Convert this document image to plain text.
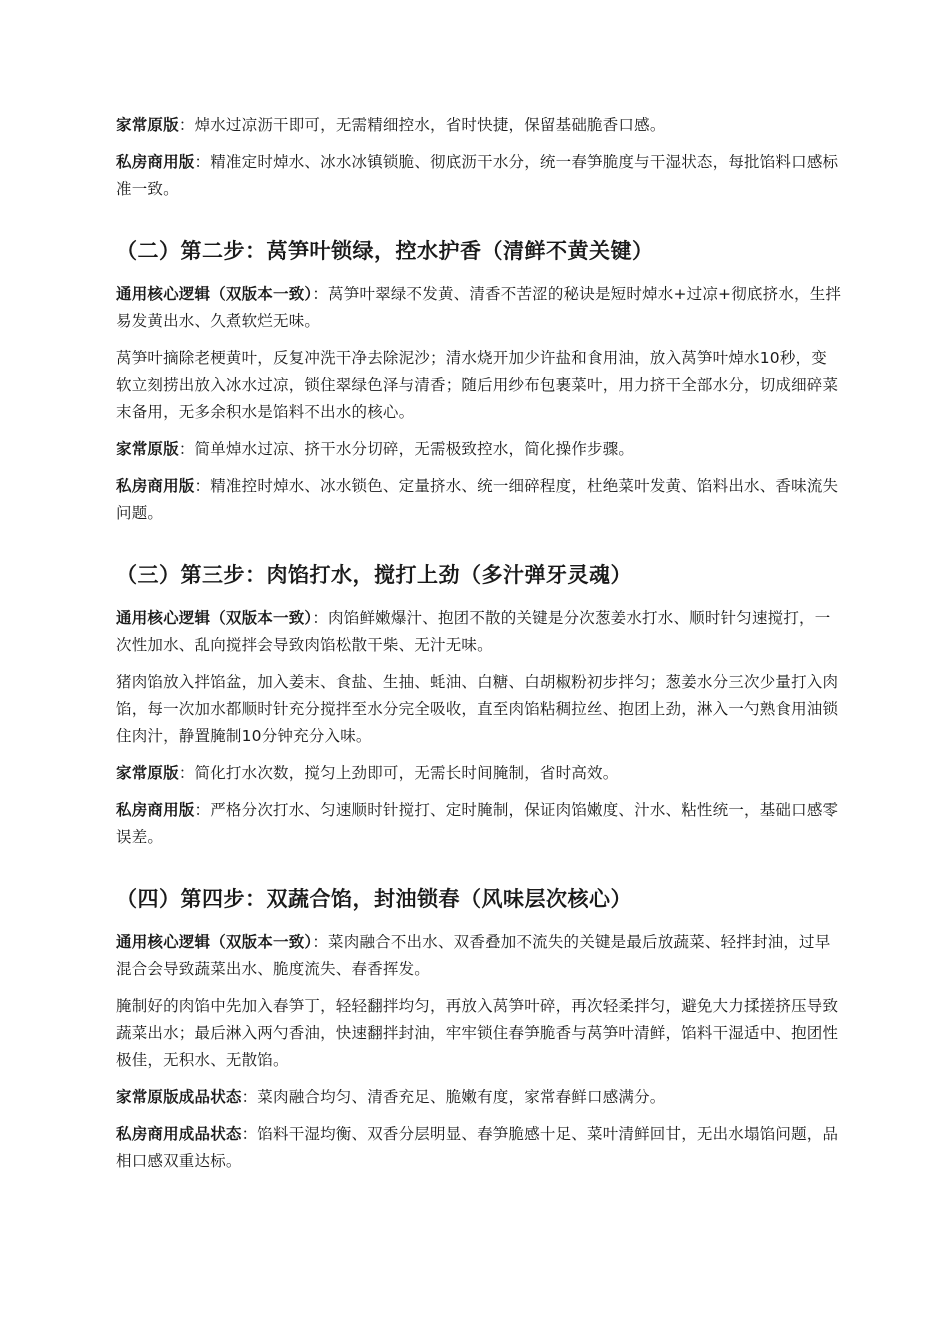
家常原版：焯水过凉沥干即可，无需精细控水，省时快捷，保留基础脆香口感。

私房商用版：精准定时焯水、冰水冰镇锁脆、彻底沥干水分，统一春笋脆度与干湿状态，每批馅料口感标准一致。

（二）第二步：莴笋叶锁绿，控水护香（清鲜不黄关键）

通用核心逻辑（双版本一致）：莴笋叶翠绿不发黄、清香不苦涩的秘诀是短时焯水+过凉+彻底挤水，生拌易发黄出水、久煮软烂无味。

莴笋叶摘除老梗黄叶，反复冲洗干净去除泥沙；清水烧开加少许盐和食用油，放入莴笋叶焯水10秒，变软立刻捞出放入冰水过凉，锁住翠绿色泽与清香；随后用纱布包裹菜叶，用力挤干全部水分，切成细碎菜末备用，无多余积水是馅料不出水的核心。

家常原版：简单焯水过凉、挤干水分切碎，无需极致控水，简化操作步骤。

私房商用版：精准控时焯水、冰水锁色、定量挤水、统一细碎程度，杜绝菜叶发黄、馅料出水、香味流失问题。

（三）第三步：肉馅打水，搅打上劲（多汁弹牙灵魂）

通用核心逻辑（双版本一致）：肉馅鲜嫩爆汁、抱团不散的关键是分次葱姜水打水、顺时针匀速搅打，一次性加水、乱向搅拌会导致肉馅松散干柴、无汁无味。

猪肉馅放入拌馅盆，加入姜末、食盐、生抽、蚝油、白糖、白胡椒粉初步拌匀；葱姜水分三次少量打入肉馅，每一次加水都顺时针充分搅拌至水分完全吸收，直至肉馅粘稠拉丝、抱团上劲，淋入一勺熟食用油锁住肉汁，静置腌制10分钟充分入味。

家常原版：简化打水次数，搅匀上劲即可，无需长时间腌制，省时高效。

私房商用版：严格分次打水、匀速顺时针搅打、定时腌制，保证肉馅嫩度、汁水、粘性统一，基础口感零误差。

（四）第四步：双蔬合馅，封油锁春（风味层次核心）

通用核心逻辑（双版本一致）：菜肉融合不出水、双香叠加不流失的关键是最后放蔬菜、轻拌封油，过早混合会导致蔬菜出水、脆度流失、春香挥发。

腌制好的肉馅中先加入春笋丁，轻轻翻拌均匀，再放入莴笋叶碎，再次轻柔拌匀，避免大力揉搓挤压导致蔬菜出水；最后淋入两勺香油，快速翻拌封油，牢牢锁住春笋脆香与莴笋叶清鲜，馅料干湿适中、抱团性极佳，无积水、无散馅。

家常原版成品状态：菜肉融合均匀、清香充足、脆嫩有度，家常春鲜口感满分。

私房商用成品状态：馅料干湿均衡、双香分层明显、春笋脆感十足、菜叶清鲜回甘，无出水塌馅问题，品相口感双重达标。
